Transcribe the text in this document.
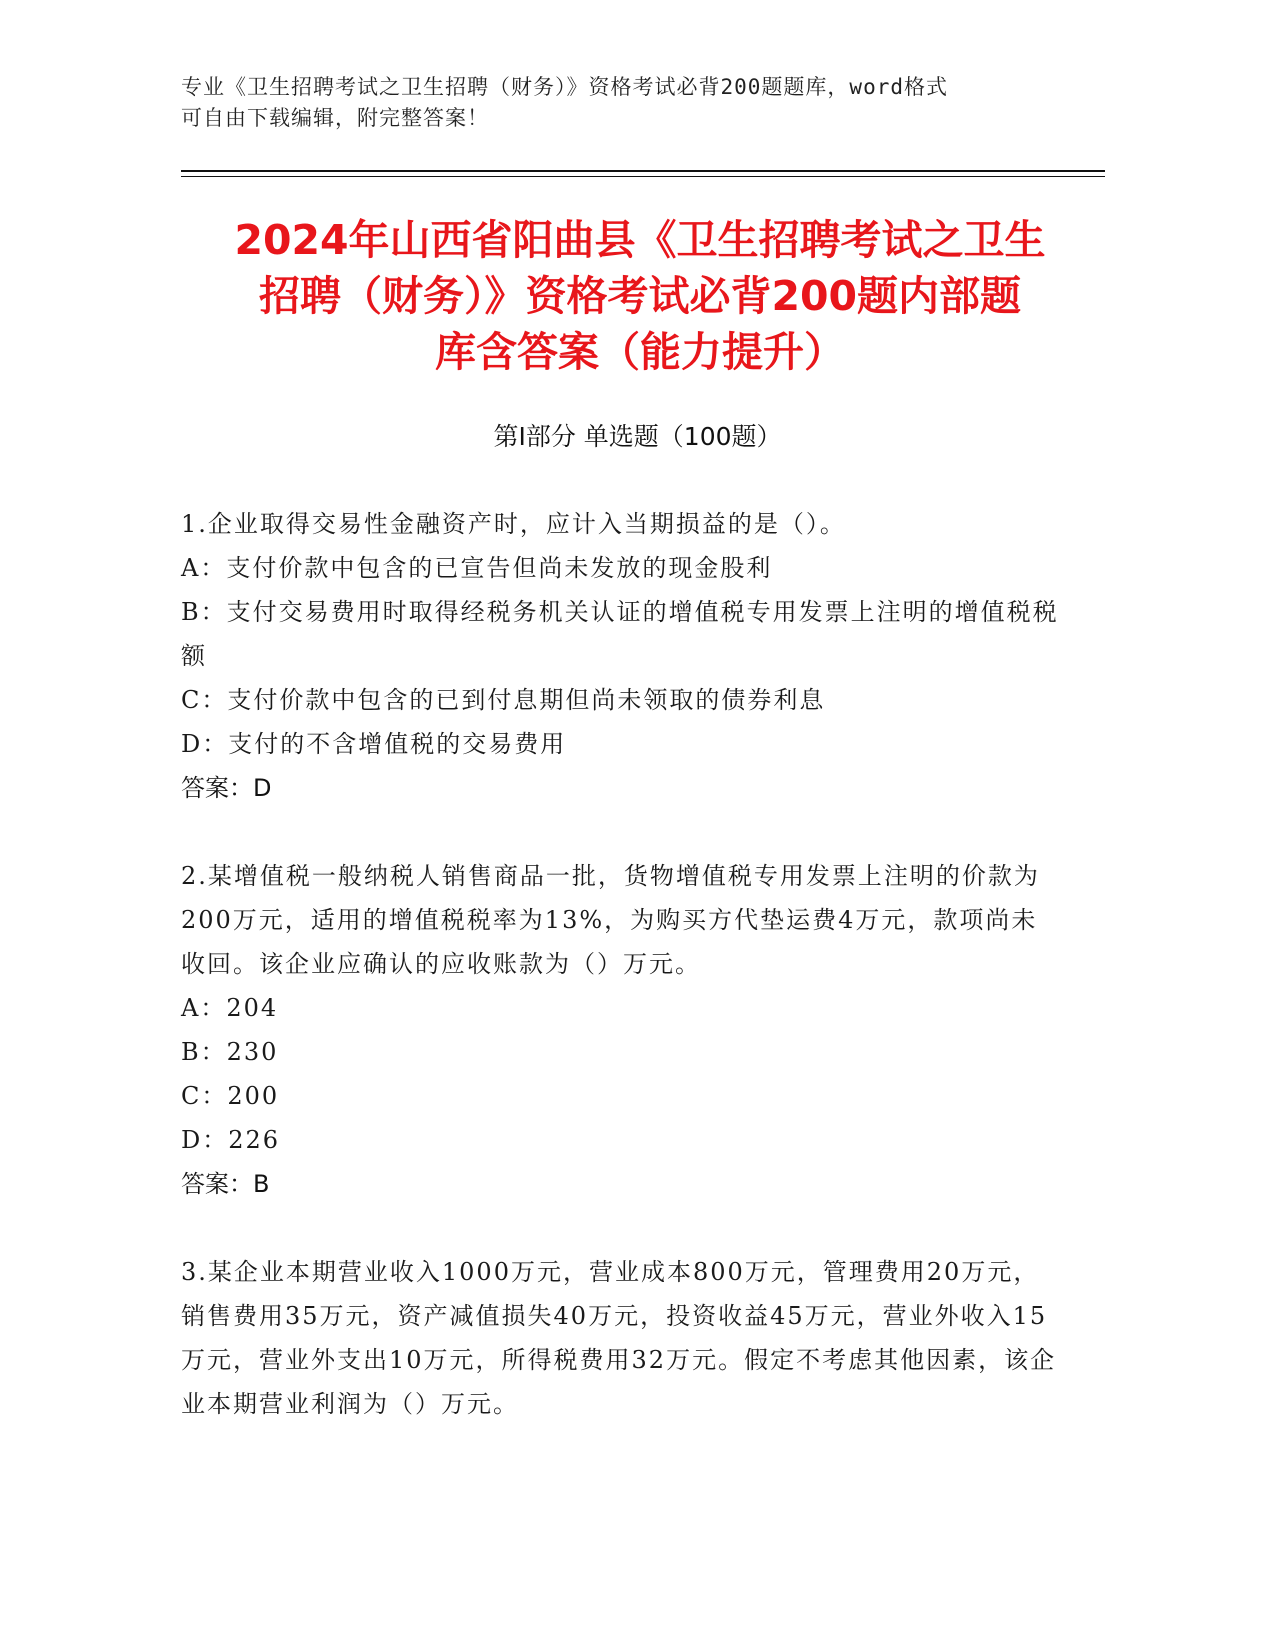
专业《卫生招聘考试之卫生招聘（财务）》资格考试必背200题题库，word格式
可自由下载编辑，附完整答案！
2024年山西省阳曲县《卫生招聘考试之卫生
招聘（财务）》资格考试必背200题内部题
库含答案（能力提升）
第I部分 单选题（100题）
1.企业取得交易性金融资产时，应计入当期损益的是（）。
A：支付价款中包含的已宣告但尚未发放的现金股利
B：支付交易费用时取得经税务机关认证的增值税专用发票上注明的增值税税额
C：支付价款中包含的已到付息期但尚未领取的债券利息
D：支付的不含增值税的交易费用
答案：D
2.某增值税一般纳税人销售商品一批，货物增值税专用发票上注明的价款为200万元，适用的增值税税率为13%，为购买方代垫运费4万元，款项尚未收回。该企业应确认的应收账款为（）万元。
A：204
B：230
C：200
D：226
答案：B
3.某企业本期营业收入1000万元，营业成本800万元，管理费用20万元，销售费用35万元，资产减值损失40万元，投资收益45万元，营业外收入15万元，营业外支出10万元，所得税费用32万元。假定不考虑其他因素，该企业本期营业利润为（）万元。
